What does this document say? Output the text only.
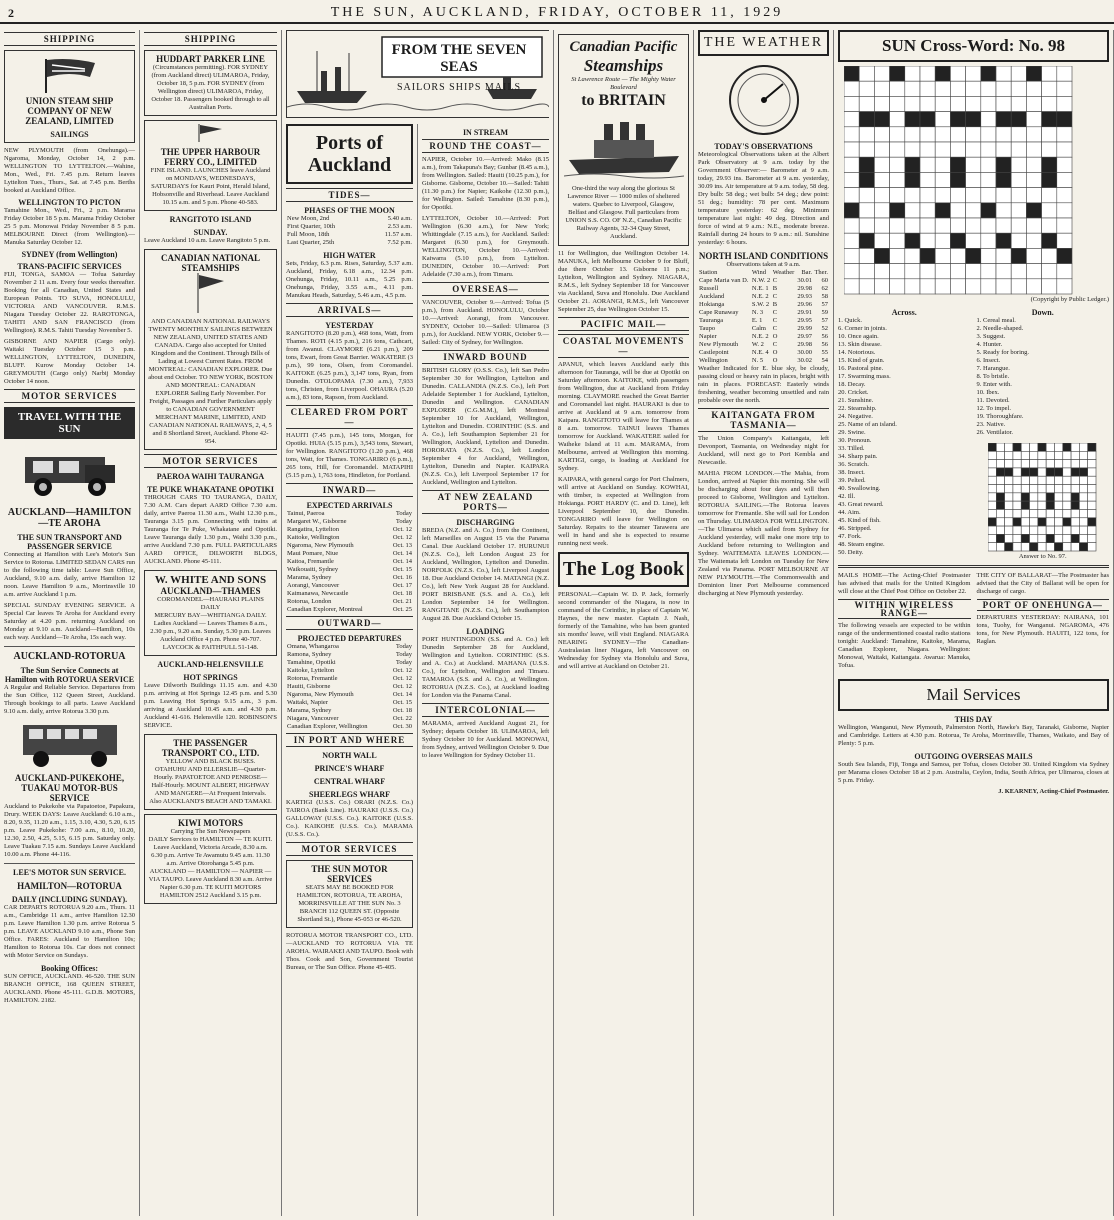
2	THE SUN, AUCKLAND, FRIDAY, OCTOBER 11, 1929
SHIPPING
UNION STEAM SHIP COMPANY OF NEW ZEALAND, LIMITED
SAILINGS

NEW PLYMOUTH (from Onehunga).—Ngaroma, Monday, October 14, 2 p.m. WELLINGTON TO LYTTELTON.—Wahine, Mon., Wed., Fri. 7.45 p.m. Return leaves Lyttelton Tues., Thurs., Sat. at 7.45 p.m. Berths booked at Auckland Office.

WELLINGTON TO PICTON

Tamahine Mon., Wed., Fri., 2 p.m. Marama Friday October 18 5 p.m. Marama Friday October 25 5 p.m. Monowai Friday November 8 5 p.m. MELBOURNE Direct (from Wellington).—Manuka Saturday October 12.

SYDNEY (from Wellington)
TRANS-PACIFIC SERVICES

FIJI, TONGA, SAMOA — Tofua Saturday November 2 11 a.m. Every four weeks thereafter. Booking for all Canadian, United States and European Points. TO SUVA, HONOLULU, VICTORIA AND VANCOUVER. R.M.S. Niagara Tuesday October 22. RAROTONGA, TAHITI AND SAN FRANCISCO (from Wellington). R.M.S. Tahiti Tuesday November 5.

GISBORNE AND NAPIER (Cargo only). Waitaki Tuesday October 15 3 p.m. WELLINGTON, LYTTELTON, DUNEDIN, BLUFF. Kurow Monday October 14. GREYMOUTH (Cargo only) Narbij Monday October 14 noon.

MOTOR SERVICES
TRAVEL WITH THE SUN
AUCKLAND—HAMILTON—TE AROHA
THE SUN TRANSPORT AND PASSENGER SERVICE

Connecting at Hamilton with Lee's Motor's Sun Service to Rotorua. LIMITED SEDAN CARS run to the following time table: Leave Sun Office, Auckland, 9.10 a.m. daily, arrive Hamilton 12 noon. Leave Hamilton 9 a.m., Morrinsville 10 a.m. arrive Auckland 1 p.m.

SPECIAL SUNDAY EVENING SERVICE. A Special Car leaves Te Aroha for Auckland every Saturday at 4.20 p.m. returning Auckland on Monday at 9.10 a.m. Auckland—Hamilton, 10s each way. Auckland—Te Aroha, 15s each way.

AUCKLAND-ROTORUA
The Sun Service Connects at Hamilton with ROTORUA SERVICE

A Regular and Reliable Service. Departures from the Sun Office, 112 Queen Street, Auckland. Through bookings to all parts. Leave Auckland 9.10 a.m. daily, arrive Rotorua 3.30 p.m.

AUCKLAND-PUKEKOHE, TUAKAU MOTOR-BUS SERVICE

Auckland to Pukekohe via Papatoetoe, Papakura, Drury. WEEK DAYS: Leave Auckland: 6.10 a.m., 8.20, 9.35, 11.20 a.m., 1.15, 3.10, 4.30, 5.20, 6.15 p.m. Leave Pukekohe: 7.00 a.m., 8.10, 10.20, 12.30, 2.50, 4.25, 5.15, 6.15 p.m. Saturday only. Leave Tuakau 7.15 a.m. Sundays Leave Auckland 10.00 a.m. Phone 44-116.

LEE'S MOTOR SUN SERVICE.
HAMILTON—ROTORUA
DAILY (INCLUDING SUNDAY).

CAR DEPARTS ROTORUA 9.20 a.m., Thurs. 11 a.m., Cambridge 11 a.m., arrive Hamilton 12.30 p.m. Leave Hamilton 1.30 p.m. arrive Rotorua 5 p.m. LEAVE AUCKLAND 9.10 a.m., Phone Sun Office. FARES: Auckland to Hamilton 10s; Hamilton to Rotorua 10s. Car does not connect with Motor Service on Sundays.

Booking Offices:

SUN OFFICE, AUCKLAND. 46-520. THE SUN BRANCH OFFICE, 168 QUEEN STREET, AUCKLAND. Phone 45-111. G.D.B. MOTORS, HAMILTON. 2182.

SHIPPING
HUDDART PARKER LINE
(Circumstances permitting). FOR SYDNEY (from Auckland direct) ULIMAROA, Friday, October 18, 5 p.m. FOR SYDNEY (from Wellington direct) ULIMAROA, Friday, October 18. Passengers booked through to all Australian Ports.
THE UPPER HARBOUR FERRY CO., LIMITED
FINE ISLAND. LAUNCHES leave Auckland on MONDAYS, WEDNESDAYS, SATURDAYS for Kauri Point, Herald Island, Hobsonville and Riverhead. Leave Auckland 10.15 a.m. and 5 p.m. Phone 40-583.
RANGITOTO ISLAND
SUNDAY.

Leave Auckland 10 a.m. Leave Rangitoto 5 p.m.

CANADIAN NATIONAL STEAMSHIPS
AND CANADIAN NATIONAL RAILWAYS
TWENTY MONTHLY SAILINGS BETWEEN NEW ZEALAND, UNITED STATES AND CANADA. Cargo also accepted for United Kingdom and the Continent. Through Bills of Lading at Lowest Current Rates. FROM MONTREAL: CANADIAN EXPLORER. Due about end October. TO NEW YORK, BOSTON AND MONTREAL: CANADIAN EXPLORER Sailing Early November. For Freight, Passages and Further Particulars apply to CANADIAN GOVERNMENT MERCHANT MARINE, LIMITED, AND CANADIAN NATIONAL RAILWAYS, 2, 4, 5 and 8 Shortland Street, Auckland. Phone 42-954.
MOTOR SERVICES
PAEROA WAIHI TAURANGA
TE PUKE WHAKATANE OPOTIKI

THROUGH CARS TO TAURANGA, DAILY, 7.30 A.M. Cars depart AARD Office 7.30 a.m. daily, arrive Paeroa 11.30 a.m., Waihi 12.30 p.m., Tauranga 3.15 p.m. Connecting with trains at Tauranga for Te Puke, Whakatane and Opotiki. Leave Tauranga daily 1.30 p.m., Waihi 3.30 p.m., arrive Auckland 7.30 p.m. FULL PARTICULARS AARD OFFICE, DILWORTH BLDGS, AUCKLAND. Phone 45-111.

W. WHITE AND SONS
AUCKLAND—THAMES
COROMANDEL—HAURAKI PLAINS DAILY
MERCURY BAY—WHITIANGA DAILY. Ladies Auckland — Leaves Thames 8 a.m., 2.30 p.m., 9.20 a.m. Sunday, 5.30 p.m. Leaves Auckland Office 4 p.m. Phone 40-707. LAYCOCK & FAITHFULL 51-148.
AUCKLAND-HELENSVILLE
HOT SPRINGS

Leave Dilworth Buildings 11.15 a.m. and 4.30 p.m. arriving at Hot Springs 12.45 p.m. and 5.30 p.m. Leaving Hot Springs 9.15 a.m., 3 p.m. arriving at Auckland 10.45 a.m. and 4.30 p.m. Auckland 41-616. Helensville 120. ROBINSON'S SERVICE.

THE PASSENGER TRANSPORT CO., LTD.
YELLOW AND BLACK BUSES.
OTAHUHU AND ELLERSLIE—Quarter-Hourly. PAPATOETOE AND PENROSE—Half-Hourly. MOUNT ALBERT, HIGHWAY AND MANGERE—At Frequent Intervals. Also AUCKLAND'S BEACH AND TAMAKI.
KIWI MOTORS
Carrying The Sun Newspapers
DAILY Services to HAMILTON — TE KUITI. Leave Auckland, Victoria Arcade, 8.30 a.m. 6.30 p.m. Arrive Te Awamutu 9.45 a.m. 11.30 a.m. Arrive Otorohanga 5.45 p.m. AUCKLAND — HAMILTON — NAPIER — VIA TAUPO. Leave Auckland 8.30 a.m. Arrive Napier 6.30 p.m. TE KUITI MOTORS HAMILTON 2512 Auckland 3.15 p.m.
FROM THE SEVEN SEAS
SAILORS SHIPS MAILS
Ports of Auckland
TIDES—
PHASES OF THE MOON
New Moon, 2nd	5.40 a.m.
First Quarter, 10th	2.53 a.m.
Full Moon, 18th	11.57 a.m.
Last Quarter, 25th	7.52 p.m.
HIGH WATER

Sets, Friday, 6.3 p.m. Rises, Saturday, 5.37 a.m. Auckland, Friday, 6.18 a.m., 12.34 p.m. Onehunga, Friday, 10.11 a.m., 5.25 p.m. Onehunga, Friday, 3.55 a.m., 4.11 p.m. Manukau Heads, Saturday, 5.46 a.m., 4.5 p.m.

ARRIVALS—
YESTERDAY

RANGITOTO (8.20 p.m.), 468 tons, Watt, from Thames. ROTI (4.15 p.m.), 216 tons, Cathcart, from Awanui. CLAYMORE (6.21 p.m.), 209 tons, Ewart, from Great Barrier. WAKATERE (3 p.m.), 99 tons, Olsen, from Coromandel. KAITOKE (6.25 p.m.), 3,147 tons, Ryan, from Dunedin. OTOLOPAMA (7.30 a.m.), 7,933 tons, Christen, from Liverpool. OHAURA (5.20 a.m.), 83 tons, Rapson, from Auckland.

CLEARED FROM PORT—

HAUITI (7.45 p.m.), 145 tons, Morgan, for Opotiki. HUIA (5.15 p.m.), 3,543 tons, Stewart, for Wellington. RANGITOTO (1.20 p.m.), 468 tons, Watt, for Thames. TONGARIRO (6 p.m.), 265 tons, Hill, for Coromandel. MATAPIHI (5.15 p.m.), 1,763 tons, Hindleton, for Portland.

INWARD—
EXPECTED ARRIVALS
Tainui, Paeroa	Today
Margaret W., Gisborne	Today
Rangatira, Lyttelton	Oct. 12
Kaitoke, Wellington	Oct. 12
Ngaroma, New Plymouth	Oct. 13
Maui Pomare, Niue	Oct. 14
Kaitoa, Fremantle	Oct. 14
Waikouaiti, Sydney	Oct. 15
Marama, Sydney	Oct. 16
Aorangi, Vancouver	Oct. 17
Kaimanawa, Newcastle	Oct. 18
Rotorua, London	Oct. 21
Canadian Explorer, Montreal	Oct. 25
OUTWARD—
PROJECTED DEPARTURES
Omana, Whangaroa	Today
Ramona, Sydney	Today
Tamahine, Opotiki	Today
Kaitoke, Lyttelton	Oct. 12
Rotorua, Fremantle	Oct. 12
Hauiti, Gisborne	Oct. 12
Ngaroma, New Plymouth	Oct. 14
Waitaki, Napier	Oct. 15
Marama, Sydney	Oct. 18
Niagara, Vancouver	Oct. 22
Canadian Explorer, Wellington	Oct. 30
IN PORT AND WHERE
NORTH WALL
PRINCE'S WHARF
CENTRAL WHARF
SHEERLEGS WHARF

KARTIGI (U.S.S. Co.) ORARI (N.Z.S. Co.) TAIROA (Bank Line). HAURAKI (U.S.S. Co.) GALLOWAY (U.S.S. Co.). KAITOKE (U.S.S. Co.). KAIKOHE (U.S.S. Co.). MARAMA (U.S.S. Co.).

MOTOR SERVICES
THE SUN MOTOR SERVICES
SEATS MAY BE BOOKED FOR HAMILTON, ROTORUA, TE AROHA, MORRINSVILLE AT THE SUN No. 3 BRANCH 112 QUEEN ST. (Opposite Shortland St.), Phone 45-053 or 46-520.

ROTORUA MOTOR TRANSPORT CO., LTD.—AUCKLAND TO ROTORUA VIA TE AROHA. WAIRAKEI AND TAUPO. Book with Thos. Cook and Son, Government Tourist Bureau, or The Sun Office. Phone 45-405.

IN STREAM
ROUND THE COAST—

NAPIER, October 10.—Arrived: Mako (8.15 a.m.), from Takapuna's Bay; Gunbar (8.45 a.m.), from Wellington. Sailed: Hauiti (10.25 p.m.), for Gisborne. Gisborne, October 10.—Sailed: Tahiti (11.30 p.m.) for Napier; Kaikohe (12.30 p.m.), for Wellington. Sailed: Tamahine (8.30 p.m.), for Opotiki.

LYTTELTON, October 10.—Arrived: Port Wellington (6.30 a.m.), for New York; Whittingdale (7.15 a.m.), for Auckland. Sailed: Margaret (6.30 p.m.), for Greymouth. WELLINGTON, October 10.—Arrived: Kaiwarra (5.10 p.m.), from Lyttelton. DUNEDIN, October 10.—Arrived: Port Adelaide (7.30 a.m.), from Timaru.

OVERSEAS—

VANCOUVER, October 9.—Arrived: Tofua (5 p.m.), from Auckland. HONOLULU, October 10.—Arrived: Aorangi, from Vancouver. SYDNEY, October 10.—Sailed: Ulimaroa (3 p.m.), for Auckland. NEW YORK, October 9.—Sailed: City of Sydney, for Wellington.

INWARD BOUND

BRITISH GLORY (O.S.S. Co.), left San Pedro September 30 for Wellington, Lyttelton and Dunedin. CALLANDIA (N.Z.S. Co.), left Port Adelaide September 1 for Auckland, Lyttelton, Dunedin and Wellington. CANADIAN EXPLORER (C.G.M.M.), left Montreal September 10 for Auckland, Wellington, Lyttelton and Dunedin. CORINTHIC (S.S. and A. Co.), left Southampton September 21 for Wellington, Auckland, Lyttelton and Dunedin. HORORATA (N.Z.S. Co.), left London September 4 for Auckland, Wellington, Lyttelton, Dunedin and Napier. KAIPARA (N.Z.S. Co.), left Liverpool September 17 for Auckland, Wellington and Lyttelton.

AT NEW ZEALAND PORTS—
DISCHARGING

BREDA (N.Z. and A. Co.) from the Continent, left Marseilles on August 15 via the Panama Canal. Due Auckland October 17. HURUNUI (N.Z.S. Co.), left London August 23 for Auckland, Wellington, Lyttelton and Dunedin. NORFOLK (N.Z.S. Co.), left Liverpool August 18. Due Auckland October 14. MATANGI (N.Z. Co.), left New York August 28 for Auckland. PORT BRISBANE (S.S. and A. Co.), left London September 14 for Wellington. RANGITANE (N.Z.S. Co.), left Southampton August 28. Due Auckland October 15.

LOADING

PORT HUNTINGDON (S.S. and A. Co.) left Dunedin September 28 for Auckland, Wellington and Lyttelton. CORINTHIC (S.S. and A. Co.) at Auckland. MAHANA (U.S.S. Co.), for Lyttelton, Wellington and Timaru. TAMAROA (S.S. and A. Co.), at Wellington. ROTORUA (N.Z.S. Co.), at Auckland loading for London via the Panama Canal.

INTERCOLONIAL—

MARAMA, arrived Auckland August 21, for Sydney; departs October 18. ULIMAROA, left Sydney October 10 for Auckland. MONOWAI, from Sydney, arrived Wellington October 9. Due to leave Wellington for Sydney October 11.

Canadian Pacific
Steamships
St Lawrence Route — The Mighty Water Boulevard
to BRITAIN
One-third the way along the glorious St Lawrence River — 1000 miles of sheltered waters. Quebec to Liverpool, Glasgow, Belfast and Glasgow. Full particulars from UNION S.S. CO. OF N.Z., Canadian Pacific Railway Agents, 32-34 Quay Street, Auckland.

11 for Wellington, due Wellington October 14. MANUKA, left Melbourne October 9 for Bluff, due there October 13. Gisborne 11 p.m.; Lyttelton, Wellington and Sydney. NIAGARA, R.M.S., left Sydney September 18 for Vancouver via Auckland, Suva and Honolulu. Due Auckland October 21. AORANGI, R.M.S., left Vancouver September 25, due Wellington October 15.

PACIFIC MAIL—
COASTAL MOVEMENTS—

APANUI, which leaves Auckland early this afternoon for Tauranga, will be due at Opotiki on Saturday afternoon. KAITOKE, with passengers from Wellington, due at Auckland from Friday morning. CLAYMORE reached the Great Barrier and Coromandel last night. HAURAKI is due to arrive at Auckland at 9 a.m. tomorrow from Kaipara. RANGITOTO will leave for Thames at 8 a.m. tomorrow. TAINUI leaves Thames tomorrow for Auckland. WAKATERE sailed for Waiheke Island at 11 a.m. MARAMA, from Melbourne, arrived at Wellington this morning. KARTIGI, cargo, is loading at Auckland for Sydney.

KAIPARA, with general cargo for Port Chalmers, will arrive at Auckland on Sunday. KOWHAI, with timber, is expected at Wellington from Hokianga. PORT HARDY (C. and D. Line), left Liverpool September 10, due Dunedin. TONGARIRO will leave for Wellington on Saturday. Repairs to the steamer Tarawera are well in hand and she is expected to resume running next week.

The Log Book

PERSONAL—Captain W. D. P. Jack, formerly second commander of the Niagara, is now in command of the Corinthic, in place of Captain W. Haynes, the new master. Captain J. Nash, formerly of the Tamahine, who has been granted six months' leave, will visit England. NIAGARA NEARING SYDNEY—The Canadian-Australasian liner Niagara, left Vancouver on Wednesday for Sydney via Honolulu and Suva, and will arrive at Auckland on October 21.

THE WEATHER
TODAY'S OBSERVATIONS

Meteorological Observations taken at the Albert Park Observatory at 9 a.m. today by the Government Observer:— Barometer at 9 a.m. today, 29.93 ins. Barometer at 9 a.m. yesterday, 30.09 ins. Air temperature at 9 a.m. today, 58 deg. Dry bulb: 58 deg.; wet bulb: 54 deg.; dew point: 51 deg.; humidity: 78 per cent. Maximum temperature yesterday: 62 deg. Minimum temperature last night: 49 deg. Direction and force of wind at 9 a.m.: N.E., moderate breeze. Rainfall during 24 hours to 9 a.m.: nil. Sunshine yesterday: 6 hours.

NORTH ISLAND CONDITIONS
Observations taken at 9 a.m.
Station	Wind	Weather	Bar.	Ther.
Cape Maria van D.	N.W. 2	C	30.01	60
Russell	N.E. 1	B	29.98	62
Auckland	N.E. 2	C	29.93	58
Hokianga	S.W. 2	B	29.96	57
Cape Runaway	N. 3	C	29.91	59
Tauranga	E. 1	C	29.95	57
Taupo	Calm	C	29.99	52
Napier	N.E. 2	O	29.97	56
New Plymouth	W. 2	C	29.98	56
Castlepoint	N.E. 4	O	30.00	55
Wellington	N. 5	O	30.02	54

Weather Indicated for E. blue sky, be cloudy, passing cloud or heavy rain in places, bright with rain in places. FORECAST: Easterly winds freshening, weather becoming unsettled and rain probable over the north.

KAITANGATA FROM TASMANIA—

The Union Company's Kaitangata, left Devonport, Tasmania, on Wednesday night for Auckland, will next go to Port Kembla and Newcastle.

MAHIA FROM LONDON.—The Mahia, from London, arrived at Napier this morning. She will be discharging about four days and will then proceed to Gisborne, Wellington and Lyttelton. ROTORUA SAILING.—The Rotorua leaves tomorrow for Fremantle. She will sail for London on Thursday. ULIMAROA FOR WELLINGTON.—The Ulimaroa which sailed from Sydney for Auckland yesterday, will make one more trip to Auckland before returning to Wellington and Sydney. WAITEMATA LEAVES LONDON.—The Waitemata left London on Tuesday for New Zealand via Panama. PORT MELBOURNE AT NEW PLYMOUTH.—The Commonwealth and Dominion liner Port Melbourne commenced discharging at New Plymouth yesterday.

SUN Cross-Word: No. 98
(Copyright by Public Ledger.)
Across.
1. Quick.
6. Corner in joints.
10. Once again.
13. Skin disease.
14. Notorious.
15. Kind of grain.
16. Pastoral pine.
17. Swarming mass.
18. Decay.
20. Cricket.
21. Sunshine.
22. Steamship.
24. Negative.
25. Name of an island.
29. Swine.
30. Pronoun.
33. Tilled.
34. Sharp pain.
36. Scratch.
38. Insect.
39. Pelted.
40. Swallowing.
42. Ill.
43. Great reward.
44. Aim.
45. Kind of fish.
46. Stripped.
47. Fork.
48. Steam engine.
50. Deity.
Down.
1. Cereal meal.
2. Needle-shaped.
3. Suggest.
4. Hunter.
5. Ready for boring.
6. Insect.
7. Harangue.
8. To bristle.
9. Enter with.
10. Ibex.
11. Devoted.
12. To impel.
19. Thoroughfare.
23. Native.
26. Ventilator.
Answer to No. 97.

MAILS HOME—The Acting-Chief Postmaster has advised that mails for the United Kingdom will close at the Chief Post Office on October 22.

WITHIN WIRELESS RANGE—

The following vessels are expected to be within range of the undermentioned coastal radio stations tonight: Auckland: Tamahine, Kaitoke, Marama, Canadian Explorer, Niagara. Wellington: Monowai, Waitaki, Kaitangata. Awarua: Manuka, Tofua.

THE CITY OF BALLARAT—The Postmaster has advised that the City of Ballarat will be open for discharge of cargo.

PORT OF ONEHUNGA—

DEPARTURES YESTERDAY: NAIRANA, 101 tons, Tuohy, for Wanganui. NGAROMA, 476 tons, for New Plymouth. HAUITI, 122 tons, for Raglan.

Mail Services
THIS DAY

Wellington, Wanganui, New Plymouth, Palmerston North, Hawke's Bay, Taranaki, Gisborne, Napier and Cambridge. Letters at 4.30 p.m. Rotorua, Te Aroha, Morrinsville, Thames, Waikato, and Bay of Plenty: 5 p.m.

OUTGOING OVERSEAS MAILS

South Sea Islands, Fiji, Tonga and Samoa, per Tofua, closes October 30. United Kingdom via Sydney per Marama closes October 18 at 2 p.m. Australia, Ceylon, India, South Africa, per Ulimaroa, closes at 5 p.m. Friday.

J. KEARNEY, Acting-Chief Postmaster.
